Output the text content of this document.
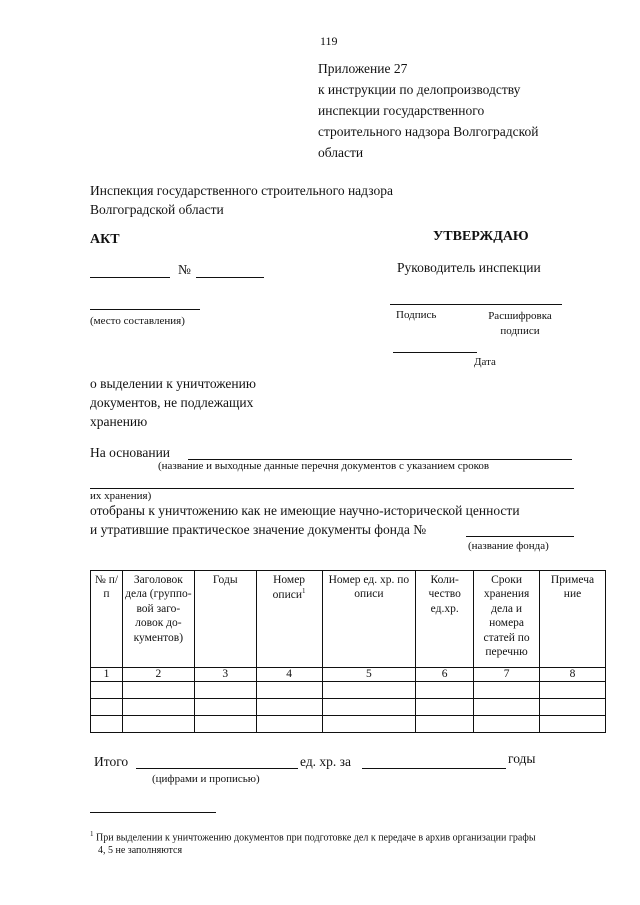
119
Приложение 27
к инструкции по делопроизводству
инспекции государственного
строительного надзора Волгоградской
области
Инспекция государственного строительного надзора
Волгоградской области
АКТ	УТВЕРЖДАЮ
№	Руководитель инспекции
(место составления)	Подпись	Расшифровка подписи
Дата
о выделении к уничтожению
документов, не подлежащих
хранению
На основании
(название и выходные данные перечня документов с указанием сроков
их хранения)
отобраны к уничтожению как не имеющие научно-исторической ценности
и утратившие практическое значение документы фонда №
(название фонда)
№ п/п	Заголовок дела (группо-вой заго-ловок до-кументов)	Годы	Номер описи$^1$	Номер ед. хр. по описи	Коли-чество ед.хр.	Сроки хранения дела и номера статей по перечню	Примеча ние
1	2	3	4	5	6	7	8

Итого	ед. хр. за	годы
(цифрами и прописью)
$^1$ При выделении к уничтожению документов при подготовке дел к передаче в архив организации графы
4, 5 не заполняются
